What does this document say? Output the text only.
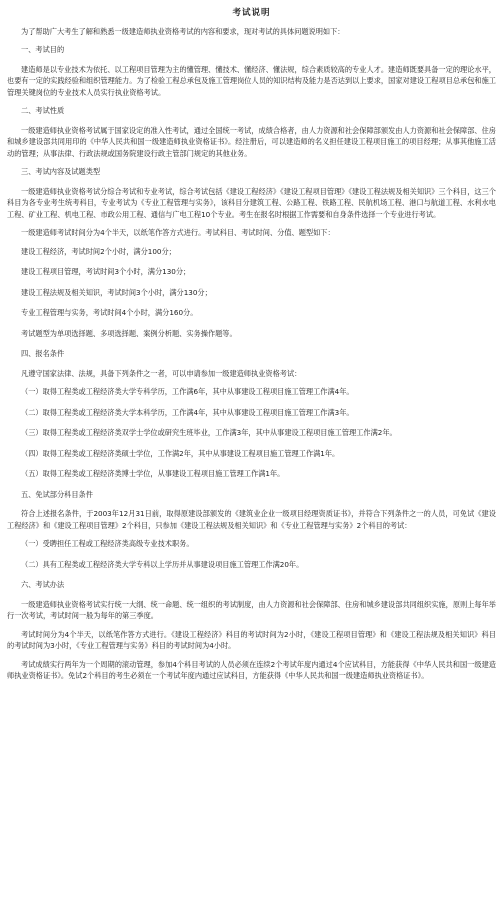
考试说明
为了帮助广大考生了解和熟悉一级建造师执业资格考试的内容和要求，现对考试的具体问题说明如下：
一、考试目的
建造师是以专业技术为依托、以工程项目管理为主的懂管理、懂技术、懂经济、懂法规，综合素质较高的专业人才。建造师既要具备一定的理论水平，也要有一定的实践经验和组织管理能力。为了检验工程总承包及施工管理岗位人员的知识结构及能力是否达到以上要求，国家对建设工程项目总承包和施工管理关键岗位的专业技术人员实行执业资格考试。
二、考试性质
一级建造师执业资格考试属于国家设定的准入性考试，通过全国统一考试，成绩合格者，由人力资源和社会保障部颁发由人力资源和社会保障部、住房和城乡建设部共同用印的《中华人民共和国一级建造师执业资格证书》。经注册后，可以建造师的名义担任建设工程项目施工的项目经理；从事其他施工活动的管理；从事法律、行政法规或国务院建设行政主管部门规定的其他业务。
三、考试内容及试题类型
一级建造师执业资格考试分综合考试和专业考试，综合考试包括《建设工程经济》《建设工程项目管理》《建设工程法规及相关知识》三个科目，这三个科目为各专业考生统考科目，专业考试为《专业工程管理与实务》，该科目分建筑工程、公路工程、铁路工程、民航机场工程、港口与航道工程、水利水电工程、矿业工程、机电工程、市政公用工程、通信与广电工程10个专业。考生在报名时根据工作需要和自身条件选择一个专业进行考试。
一级建造师考试时间分为4个半天，以纸笔作答方式进行。考试科目、考试时间、分值、题型如下：
建设工程经济，考试时间2个小时，满分100分；
建设工程项目管理，考试时间3个小时，满分130分；
建设工程法规及相关知识，考试时间3个小时，满分130分；
专业工程管理与实务，考试时间4个小时，满分160分。
考试题型为单项选择题、多项选择题、案例分析题、实务操作题等。
四、报名条件
凡遵守国家法律、法规，具备下列条件之一者，可以申请参加一级建造师执业资格考试：
（一）取得工程类或工程经济类大学专科学历，工作满6年，其中从事建设工程项目施工管理工作满4年。
（二）取得工程类或工程经济类大学本科学历，工作满4年，其中从事建设工程项目施工管理工作满3年。
（三）取得工程类或工程经济类双学士学位或研究生班毕业，工作满3年，其中从事建设工程项目施工管理工作满2年。
（四）取得工程类或工程经济类硕士学位，工作满2年，其中从事建设工程项目施工管理工作满1年。
（五）取得工程类或工程经济类博士学位，从事建设工程项目施工管理工作满1年。
五、免试部分科目条件
符合上述报名条件，于2003年12月31日前，取得原建设部颁发的《建筑业企业一级项目经理资质证书》，并符合下列条件之一的人员，可免试《建设工程经济》和《建设工程项目管理》2个科目，只参加《建设工程法规及相关知识》和《专业工程管理与实务》2个科目的考试：
（一）受聘担任工程或工程经济类高级专业技术职务。
（二）具有工程类或工程经济类大学专科以上学历并从事建设项目施工管理工作满20年。
六、考试办法
一级建造师执业资格考试实行统一大纲、统一命题、统一组织的考试制度，由人力资源和社会保障部、住房和城乡建设部共同组织实施，原则上每年举行一次考试，考试时间一般为每年的第三季度。
考试时间分为4个半天，以纸笔作答方式进行。《建设工程经济》科目的考试时间为2小时，《建设工程项目管理》和《建设工程法规及相关知识》科目的考试时间为3小时，《专业工程管理与实务》科目的考试时间为4小时。
考试成绩实行两年为一个周期的滚动管理，参加4个科目考试的人员必须在连续2个考试年度内通过4个应试科目，方能获得《中华人民共和国一级建造师执业资格证书》。免试2个科目的考生必须在一个考试年度内通过应试科目，方能获得《中华人民共和国一级建造师执业资格证书》。
